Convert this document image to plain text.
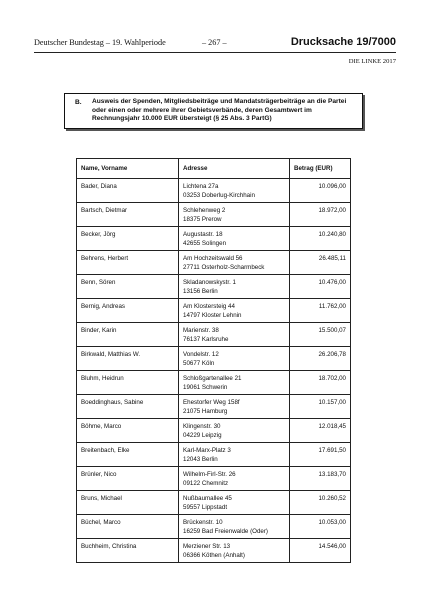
Deutscher Bundestag – 19. Wahlperiode	– 267 –	Drucksache 19/7000
DIE LINKE 2017
B. Ausweis der Spenden, Mitgliedsbeiträge und Mandatsträgerbeiträge an die Partei oder einen oder mehrere ihrer Gebietsverbände, deren Gesamtwert im Rechnungsjahr 10.000 EUR übersteigt (§ 25 Abs. 3 PartG)
Name, Vorname	Adresse	Betrag (EUR)
Bader, Diana	Lichtena 27a
03253 Doberlug-Kirchhain	10.096,00
Bartsch, Dietmar	Schlehenweg 2
18375 Prerow	18.972,00
Becker, Jörg	Augustastr. 18
42655 Solingen	10.240,80
Behrens, Herbert	Am Hochzeitswald 56
27711 Osterholz-Scharmbeck	26.485,11
Benn, Sören	Skladanowskystr. 1
13156 Berlin	10.476,00
Bernig, Andreas	Am Klostersteig 44
14797 Kloster Lehnin	11.762,00
Binder, Karin	Marienstr. 38
76137 Karlsruhe	15.500,07
Birkwald, Matthias W.	Vondelstr. 12
50677 Köln	26.206,78
Bluhm, Heidrun	Schloßgartenallee 21
19061 Schwerin	18.702,00
Boeddinghaus, Sabine	Ehestorfer Weg 158f
21075 Hamburg	10.157,00
Böhme, Marco	Klingenstr. 30
04229 Leipzig	12.018,45
Breitenbach, Elke	Karl-Marx-Platz 3
12043 Berlin	17.691,50
Brünler, Nico	Wilhelm-Firl-Str. 26
09122 Chemnitz	13.183,70
Bruns, Michael	Nußbaumallee 45
59557 Lippstadt	10.260,52
Büchel, Marco	Brückenstr. 10
16259 Bad Freienwalde (Oder)	10.053,00
Buchheim, Christina	Merziener Str. 13
06366 Köthen (Anhalt)	14.546,00
